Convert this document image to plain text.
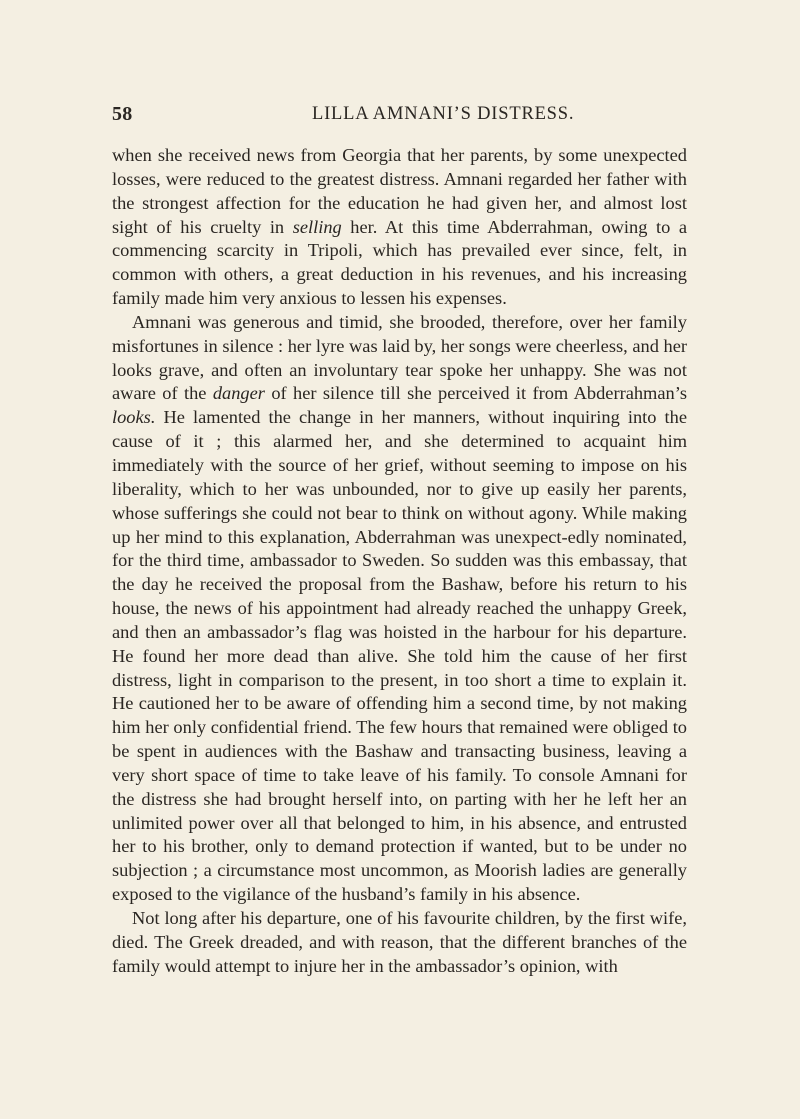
58	LILLA AMNANI’S DISTRESS.

when she received news from Georgia that her parents, by some unexpected losses, were reduced to the greatest distress. Amnani regarded her father with the strongest affection for the education he had given her, and almost lost sight of his cruelty in selling her. At this time Abderrahman, owing to a commencing scarcity in Tripoli, which has prevailed ever since, felt, in common with others, a great deduction in his revenues, and his increasing family made him very anxious to lessen his expenses.

Amnani was generous and timid, she brooded, therefore, over her family misfortunes in silence : her lyre was laid by, her songs were cheerless, and her looks grave, and often an involuntary tear spoke her unhappy. She was not aware of the danger of her silence till she perceived it from Abderrahman’s looks. He lamented the change in her manners, without inquiring into the cause of it ; this alarmed her, and she determined to acquaint him immediately with the source of her grief, without seeming to impose on his liberality, which to her was unbounded, nor to give up easily her parents, whose sufferings she could not bear to think on without agony. While making up her mind to this explanation, Abderrahman was unexpect-edly nominated, for the third time, ambassador to Sweden. So sudden was this embassay, that the day he received the proposal from the Bashaw, before his return to his house, the news of his appointment had already reached the unhappy Greek, and then an ambassador’s flag was hoisted in the harbour for his departure. He found her more dead than alive. She told him the cause of her first distress, light in comparison to the present, in too short a time to explain it. He cautioned her to be aware of offending him a second time, by not making him her only confidential friend. The few hours that remained were obliged to be spent in audiences with the Bashaw and transacting business, leaving a very short space of time to take leave of his family. To console Amnani for the distress she had brought herself into, on parting with her he left her an unlimited power over all that belonged to him, in his absence, and entrusted her to his brother, only to demand protection if wanted, but to be under no subjection ; a circumstance most uncommon, as Moorish ladies are generally exposed to the vigilance of the husband’s family in his absence.

Not long after his departure, one of his favourite children, by the first wife, died. The Greek dreaded, and with reason, that the different branches of the family would attempt to injure her in the ambassador’s opinion, with
